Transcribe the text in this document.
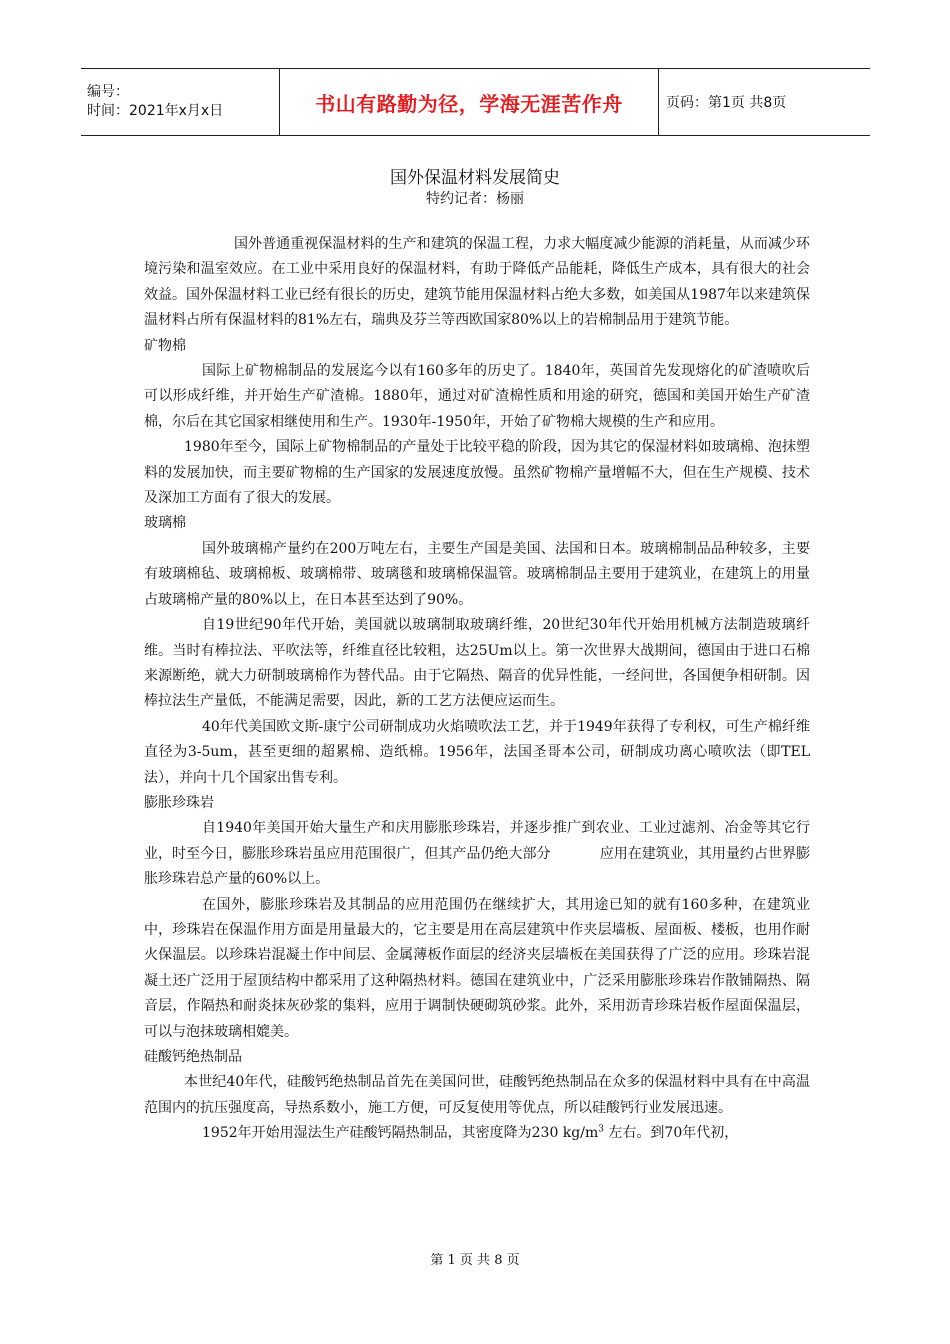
编号：
时间：2021年x月x日	书山有路勤为径，学海无涯苦作舟	页码：第1页 共8页
国外保温材料发展简史
特约记者：杨丽

国外普通重视保温材料的生产和建筑的保温工程，力求大幅度减少能源的消耗量，从而减少环境污染和温室效应。在工业中采用良好的保温材料，有助于降低产品能耗，降低生产成本，具有很大的社会效益。国外保温材料工业已经有很长的历史，建筑节能用保温材料占绝大多数，如美国从1987年以来建筑保温材料占所有保温材料的81%左右，瑞典及芬兰等西欧国家80%以上的岩棉制品用于建筑节能。

矿物棉

国际上矿物棉制品的发展迄今以有160多年的历史了。1840年，英国首先发现熔化的矿渣喷吹后可以形成纤维，并开始生产矿渣棉。1880年，通过对矿渣棉性质和用途的研究，德国和美国开始生产矿渣棉，尔后在其它国家相继使用和生产。1930年-1950年，开始了矿物棉大规模的生产和应用。

1980年至今，国际上矿物棉制品的产量处于比较平稳的阶段，因为其它的保湿材料如玻璃棉、泡抹塑料的发展加快，而主要矿物棉的生产国家的发展速度放慢。虽然矿物棉产量增幅不大，但在生产规模、技术及深加工方面有了很大的发展。

玻璃棉

国外玻璃棉产量约在200万吨左右，主要生产国是美国、法国和日本。玻璃棉制品品种较多，主要有玻璃棉毡、玻璃棉板、玻璃棉带、玻璃毯和玻璃棉保温管。玻璃棉制品主要用于建筑业，在建筑上的用量占玻璃棉产量的80%以上，在日本甚至达到了90%。

自19世纪90年代开始，美国就以玻璃制取玻璃纤维，20世纪30年代开始用机械方法制造玻璃纤维。当时有棒拉法、平吹法等，纤维直径比较粗，达25Um以上。第一次世界大战期间，德国由于进口石棉来源断绝，就大力研制玻璃棉作为替代品。由于它隔热、隔音的优异性能，一经问世，各国便争相研制。因棒拉法生产量低，不能满足需要，因此，新的工艺方法便应运而生。

40年代美国欧文斯-康宁公司研制成功火焰喷吹法工艺，并于1949年获得了专利权，可生产棉纤维直径为3-5um，甚至更细的超累棉、造纸棉。1956年，法国圣哥本公司，研制成功离心喷吹法（即TEL法），并向十几个国家出售专利。

膨胀珍珠岩

自1940年美国开始大量生产和庆用膨胀珍珠岩，并逐步推广到农业、工业过滤剂、冶金等其它行业，时至今日，膨胀珍珠岩虽应用范围很广，但其产品仍绝大部分           应用在建筑业，其用量约占世界膨胀珍珠岩总产量的60%以上。

在国外，膨胀珍珠岩及其制品的应用范围仍在继续扩大，其用途已知的就有160多种，在建筑业中，珍珠岩在保温作用方面是用量最大的，它主要是用在高层建筑中作夹层墙板、屋面板、楼板，也用作耐火保温层。以珍珠岩混凝土作中间层、金属薄板作面层的经济夹层墙板在美国获得了广泛的应用。珍珠岩混凝土还广泛用于屋顶结构中都采用了这种隔热材料。德国在建筑业中，广泛采用膨胀珍珠岩作散铺隔热、隔音层，作隔热和耐炎抹灰砂浆的集料，应用于调制快硬砌筑砂浆。此外，采用沥青珍珠岩板作屋面保温层，可以与泡抹玻璃相媲美。

硅酸钙绝热制品

本世纪40年代，硅酸钙绝热制品首先在美国问世，硅酸钙绝热制品在众多的保温材料中具有在中高温范围内的抗压强度高，导热系数小，施工方便，可反复使用等优点，所以硅酸钙行业发展迅速。

1952年开始用湿法生产硅酸钙隔热制品，其密度降为230 $kg/m^3$ 左右。到70年代初，

第 1 页 共 8 页
